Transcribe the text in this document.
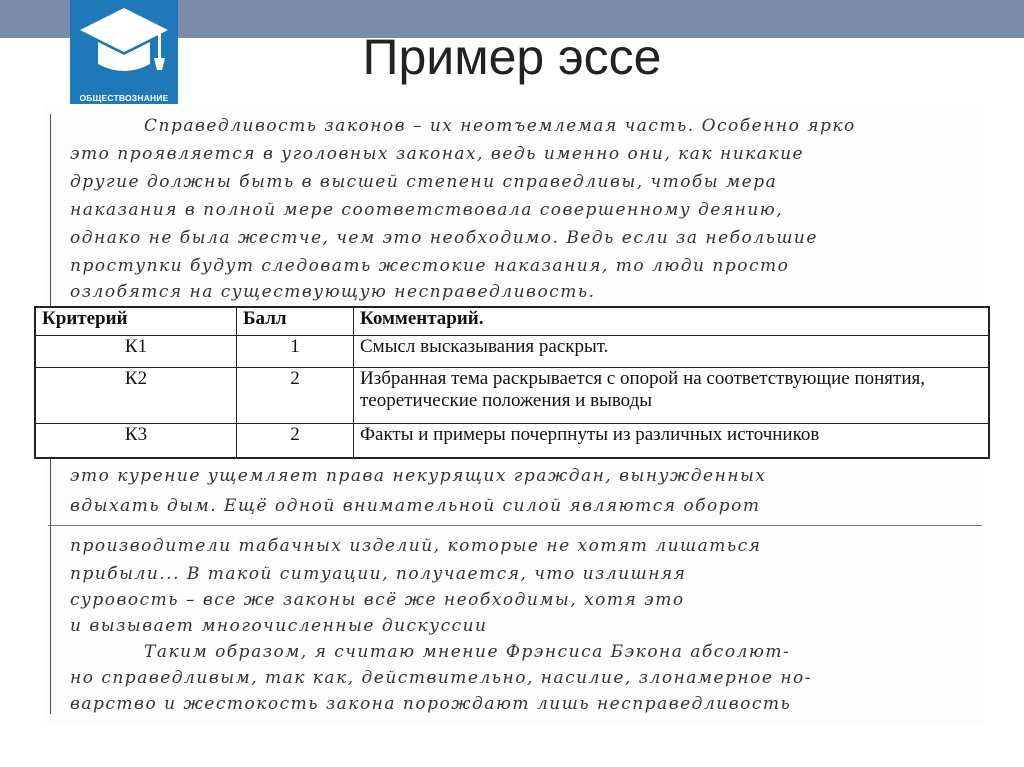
ОБЩЕСТВОЗНАНИЕ
Пример эссе
Справедливость законов – их неотъемлемая часть. Особенно ярко
это проявляется в уголовных законах, ведь именно они, как никакие
другие должны быть в высшей степени справедливы, чтобы мера
наказания в полной мере соответствовала совершенному деянию,
однако не была жестче, чем это необходимо. Ведь если за небольшие
проступки будут следовать жестокие наказания, то люди просто
озлобятся на существующую несправедливость.
это курение ущемляет права некурящих граждан, вынужденных
вдыхать дым. Ещё одной внимательной силой являются оборот
производители табачных изделий, которые не хотят лишаться
прибыли... В такой ситуации, получается, что излишняя
суровость – все же законы всё же необходимы, хотя это
и вызывает многочисленные дискуссии
Таким образом, я считаю мнение Фрэнсиса Бэкона абсолют-
но справедливым, так как, действительно, насилие, злонамерное но-
варство и жестокость закона порождают лишь несправедливость
Критерий	Балл	Комментарий.
К1	1	Смысл высказывания раскрыт.
К2	2	Избранная тема раскрывается с опорой на соответствующие понятия, теоретические положения и выводы
К3	2	Факты и примеры почерпнуты из различных источников
